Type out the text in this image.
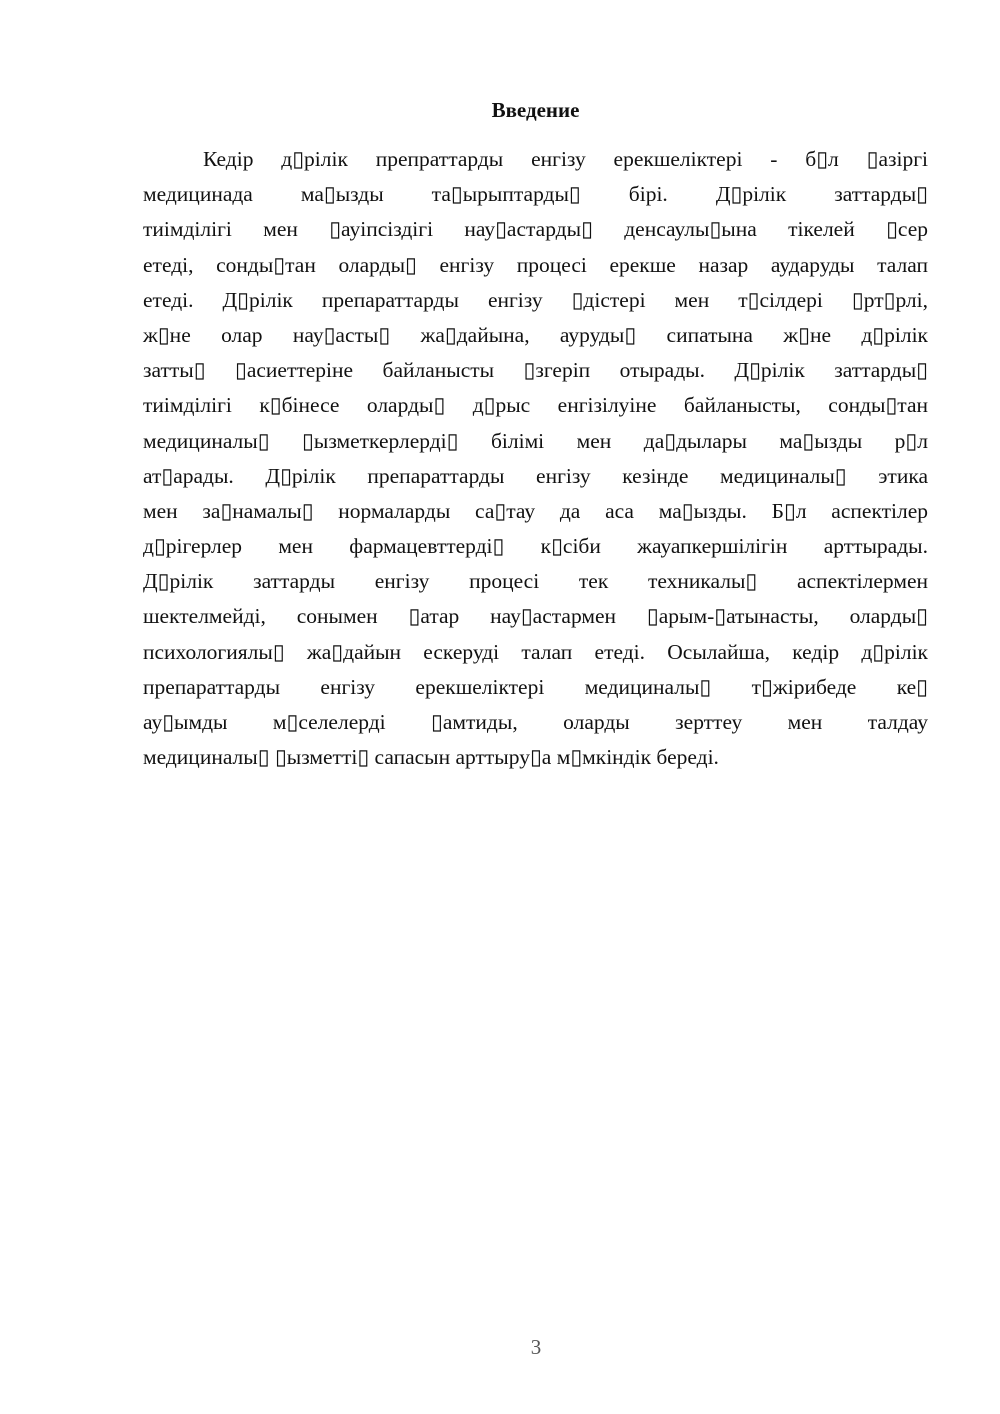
Введение
Кедір д▯рілік препраттарды енгізу ерекшеліктері - б▯л ▯азіргі
медицинада ма▯ызды та▯ырыптарды▯ бірі. Д▯рілік заттарды▯
тиімділігі мен ▯ауіпсіздігі нау▯астарды▯ денсаулы▯ына тікелей ▯сер
етеді, сонды▯тан оларды▯ енгізу процесі ерекше назар аударуды талап
етеді. Д▯рілік препараттарды енгізу ▯дістері мен т▯сілдері ▯рт▯рлі,
ж▯не олар нау▯асты▯ жа▯дайына, ауруды▯ сипатына ж▯не д▯рілік
затты▯ ▯асиеттеріне байланысты ▯згеріп отырады. Д▯рілік заттарды▯
тиімділігі к▯бінесе оларды▯ д▯рыс енгізілуіне байланысты, сонды▯тан
медициналы▯ ▯ызметкерлерді▯ білімі мен да▯дылары ма▯ызды р▯л
ат▯арады. Д▯рілік препараттарды енгізу кезінде медициналы▯ этика
мен за▯намалы▯ нормаларды са▯тау да аса ма▯ызды. Б▯л аспектілер
д▯рігерлер мен фармацевттерді▯ к▯сіби жауапкершілігін арттырады.
Д▯рілік заттарды енгізу процесі тек техникалы▯ аспектілермен
шектелмейді, сонымен ▯атар нау▯астармен ▯арым-▯атынасты, оларды▯
психологиялы▯ жа▯дайын ескеруді талап етеді. Осылайша, кедір д▯рілік
препараттарды енгізу ерекшеліктері медициналы▯ т▯жірибеде ке▯
ау▯ымды м▯селелерді ▯амтиды, оларды зерттеу мен талдау
медициналы▯ ▯ызметті▯ сапасын арттыру▯а м▯мкіндік береді.
3
